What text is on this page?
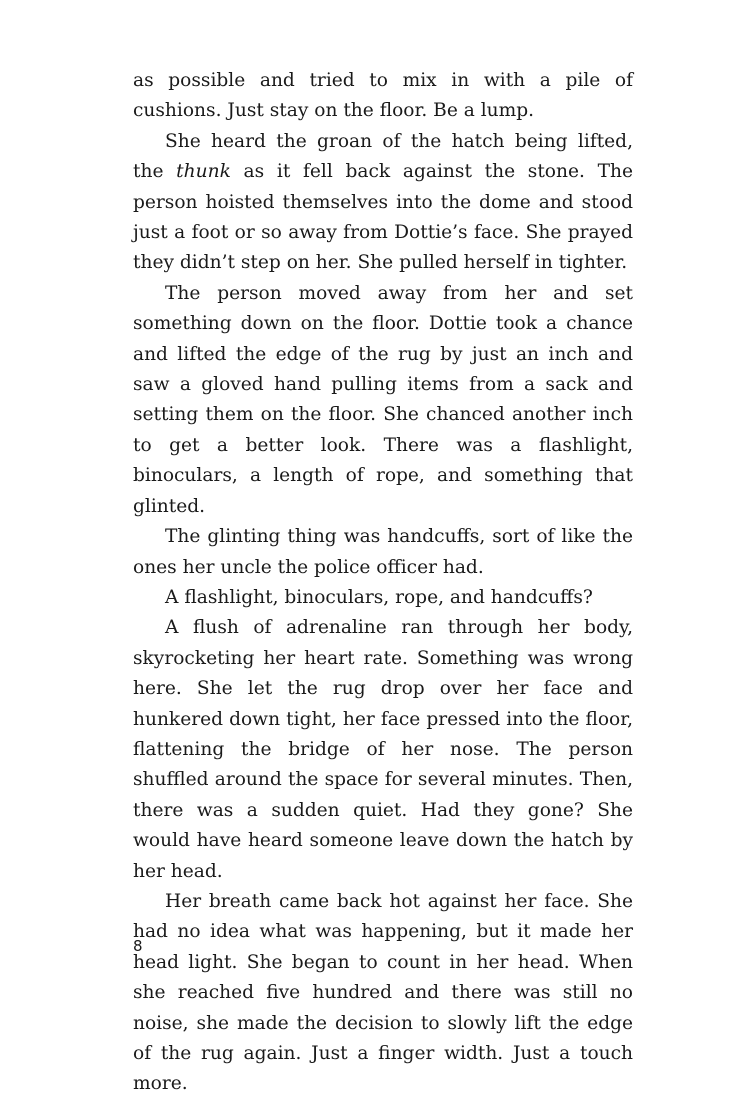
as possible and tried to mix in with a pile of cushions. Just stay on the floor. Be a lump.

She heard the groan of the hatch being lifted, the thunk as it fell back against the stone. The person hoisted themselves into the dome and stood just a foot or so away from Dottie’s face. She prayed they didn’t step on her. She pulled herself in tighter.

The person moved away from her and set something down on the floor. Dottie took a chance and lifted the edge of the rug by just an inch and saw a gloved hand pulling items from a sack and setting them on the floor. She chanced another inch to get a better look. There was a flashlight, binoculars, a length of rope, and something that glinted.

The glinting thing was handcuffs, sort of like the ones her uncle the police officer had.

A flashlight, binoculars, rope, and handcuffs?

A flush of adrenaline ran through her body, skyrocketing her heart rate. Something was wrong here. She let the rug drop over her face and hunkered down tight, her face pressed into the floor, flattening the bridge of her nose. The person shuffled around the space for several minutes. Then, there was a sudden quiet. Had they gone? She would have heard someone leave down the hatch by her head.

Her breath came back hot against her face. She had no idea what was happening, but it made her head light. She began to count in her head. When she reached five hundred and there was still no noise, she made the decision to slowly lift the edge of the rug again. Just a finger width. Just a touch more.

8
